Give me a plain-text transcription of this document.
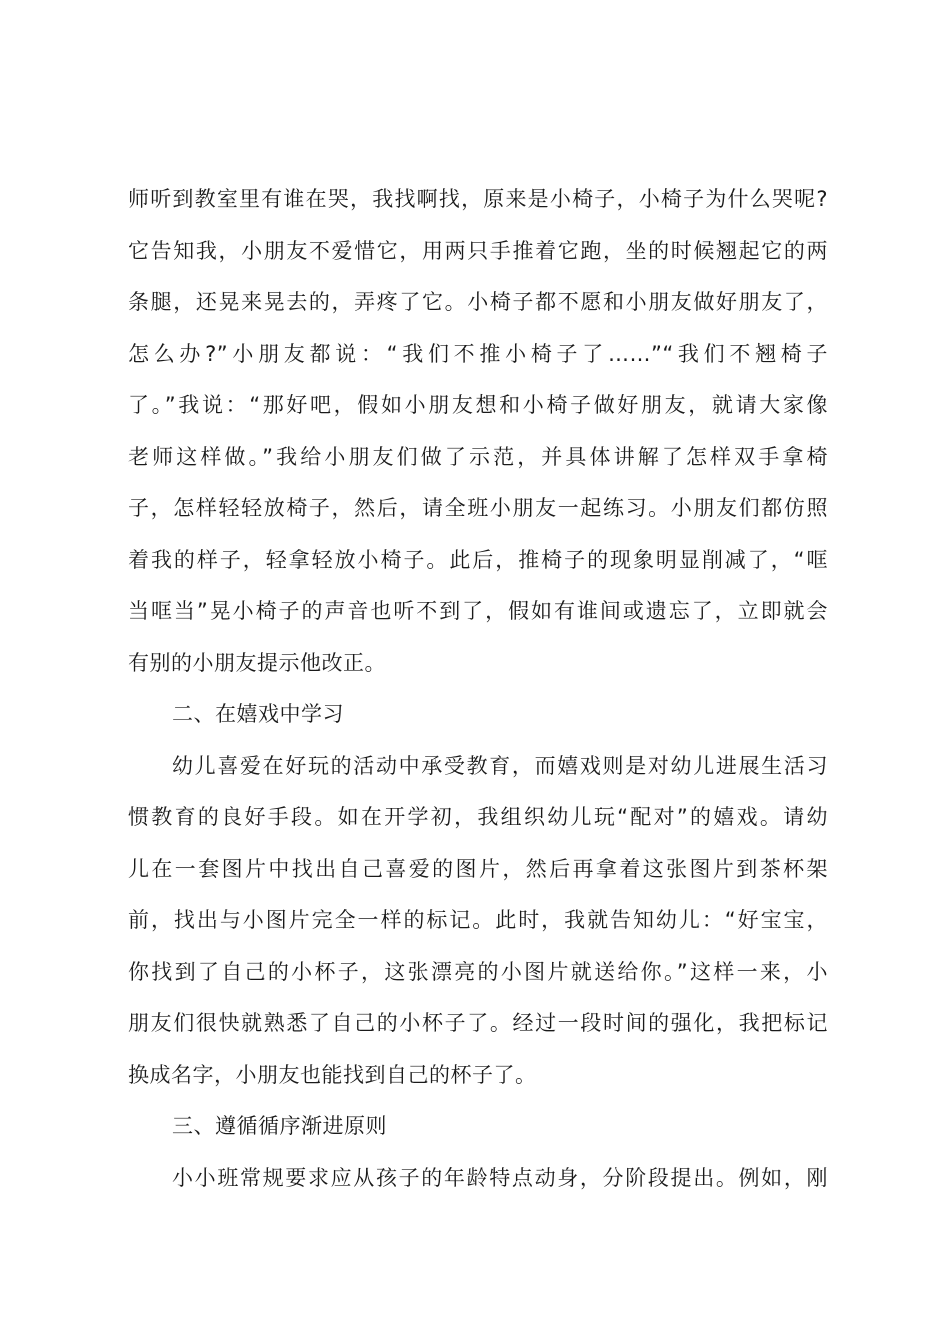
师听到教室里有谁在哭，我找啊找，原来是小椅子，小椅子为什么哭呢?
它告知我，小朋友不爱惜它，用两只手推着它跑，坐的时候翘起它的两
条腿，还晃来晃去的，弄疼了它。小椅子都不愿和小朋友做好朋友了，
怎么办?”小朋友都说：“我们不推小椅子了……”“我们不翘椅子
了。”我说：“那好吧，假如小朋友想和小椅子做好朋友，就请大家像
老师这样做。”我给小朋友们做了示范，并具体讲解了怎样双手拿椅
子，怎样轻轻放椅子，然后，请全班小朋友一起练习。小朋友们都仿照
着我的样子，轻拿轻放小椅子。此后，推椅子的现象明显削减了，“哐
当哐当”晃小椅子的声音也听不到了，假如有谁间或遗忘了，立即就会
有别的小朋友提示他改正。
二、在嬉戏中学习
幼儿喜爱在好玩的活动中承受教育，而嬉戏则是对幼儿进展生活习
惯教育的良好手段。如在开学初，我组织幼儿玩“配对”的嬉戏。请幼
儿在一套图片中找出自己喜爱的图片，然后再拿着这张图片到茶杯架
前，找出与小图片完全一样的标记。此时，我就告知幼儿：“好宝宝，
你找到了自己的小杯子，这张漂亮的小图片就送给你。”这样一来，小
朋友们很快就熟悉了自己的小杯子了。经过一段时间的强化，我把标记
换成名字，小朋友也能找到自己的杯子了。
三、遵循循序渐进原则
小小班常规要求应从孩子的年龄特点动身，分阶段提出。例如，刚
